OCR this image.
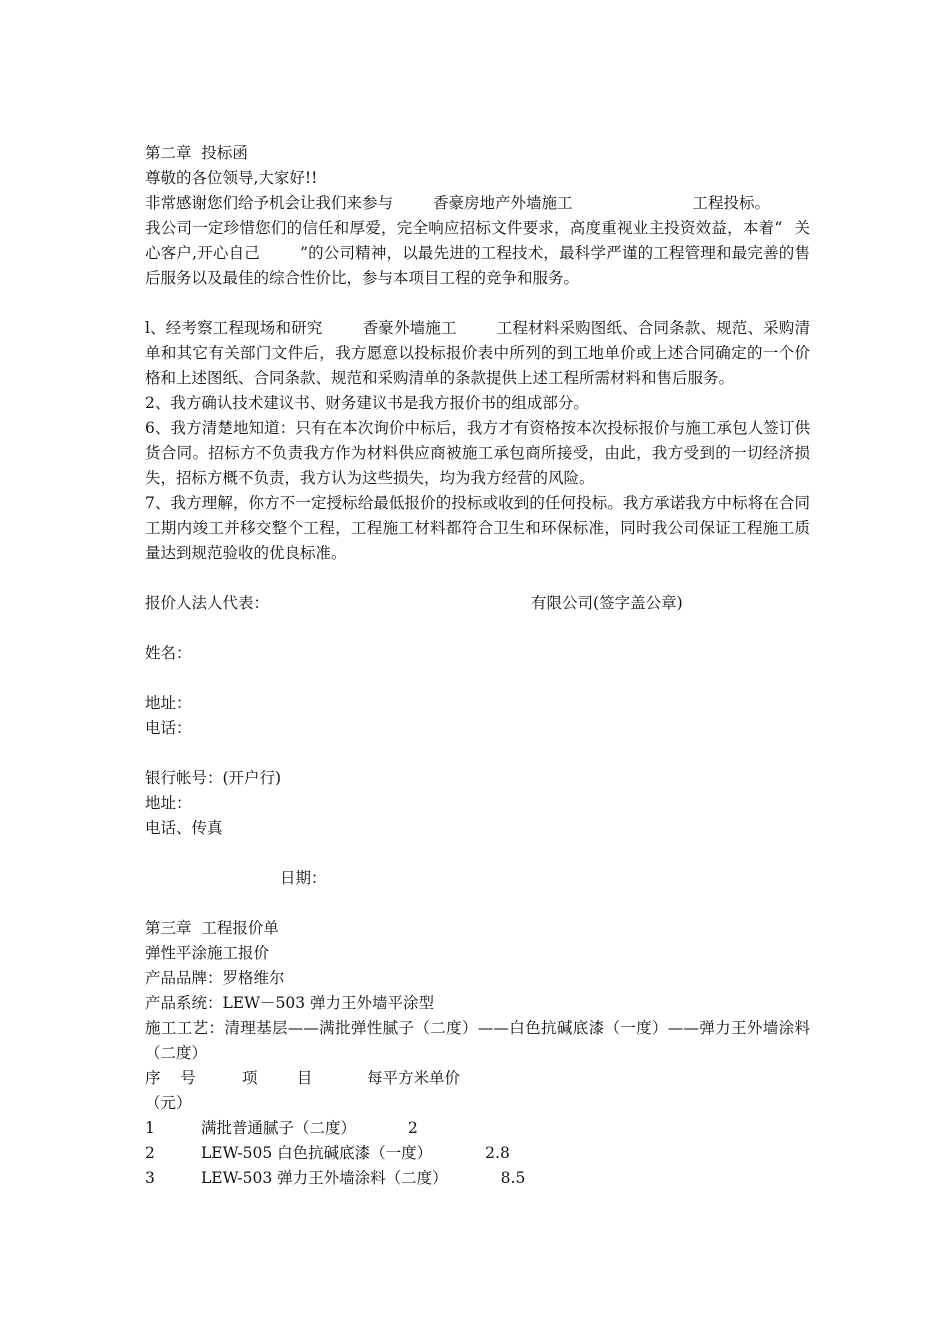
第二章  投标函
尊敬的各位领导,大家好!!
非常感谢您们给予机会让我们来参与	香豪房地产外墙施工	工程投标。
我公司一定珍惜您们的信任和厚爱，完全响应招标文件要求，高度重视业主投资效益，本着“ 关心客户,开心自己	”的公司精神，以最先进的工程技术，最科学严谨的工程管理和最完善的售后服务以及最佳的综合性价比，参与本项目工程的竞争和服务。
l、经考察工程现场和研究	香豪外墙施工	工程材料采购图纸、合同条款、规范、采购清单和其它有关部门文件后，我方愿意以投标报价表中所列的到工地单价或上述合同确定的一个价格和上述图纸、合同条款、规范和采购清单的条款提供上述工程所需材料和售后服务。
2、我方确认技术建议书、财务建议书是我方报价书的组成部分。
6、我方清楚地知道：只有在本次询价中标后，我方才有资格按本次投标报价与施工承包人签订供货合同。招标方不负责我方作为材料供应商被施工承包商所接受，由此，我方受到的一切经济损失，招标方概不负责，我方认为这些损失，均为我方经营的风险。
7、我方理解，你方不一定授标给最低报价的投标或收到的任何投标。我方承诺我方中标将在合同工期内竣工并移交整个工程，工程施工材料都符合卫生和环保标准，同时我公司保证工程施工质量达到规范验收的优良标准。
报价人法人代表：	有限公司(签字盖公章)
姓名：
地址：
电话：
银行帐号：(开户行)
地址：
电话、传真
日期：
第三章  工程报价单
弹性平涂施工报价
产品品牌：罗格维尔
产品系统：LEW－503 弹力王外墙平涂型
施工工艺：清理基层——满批弹性腻子（二度）——白色抗碱底漆（一度）——弹力王外墙涂料（二度）
序    号	项        目	每平方米单价
（元）
1	满批普通腻子（二度）	2
2	LEW-505 白色抗碱底漆（一度）	2.8
3	LEW-503 弹力王外墙涂料（二度）	8.5
